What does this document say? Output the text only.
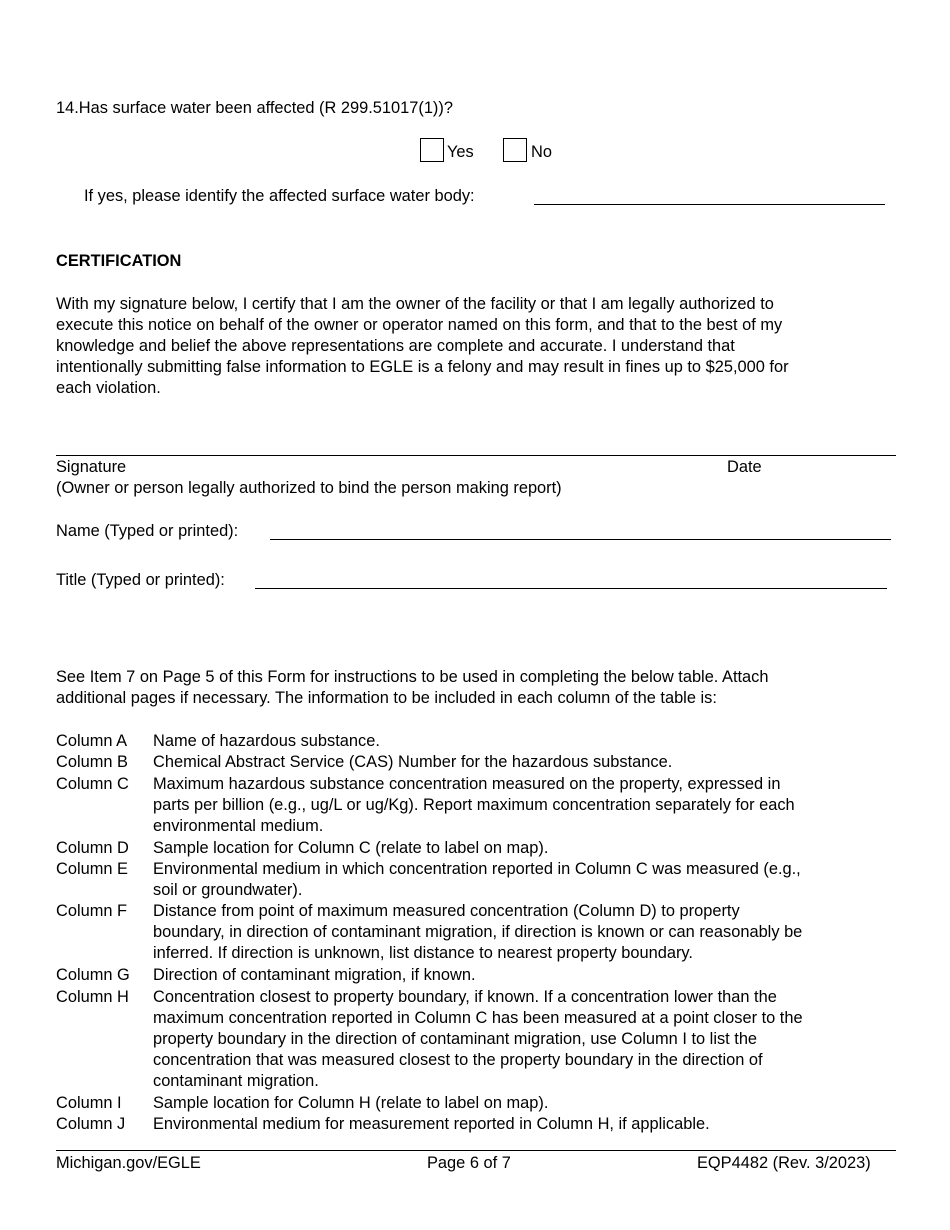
14.Has surface water been affected (R 299.51017(1))?
Yes	No
If yes, please identify the affected surface water body:
CERTIFICATION
With my signature below, I certify that I am the owner of the facility or that I am legally authorized to
execute this notice on behalf of the owner or operator named on this form, and that to the best of my
knowledge and belief the above representations are complete and accurate. I understand that
intentionally submitting false information to EGLE is a felony and may result in fines up to $25,000 for
each violation.
Signature	Date
(Owner or person legally authorized to bind the person making report)
Name (Typed or printed):
Title (Typed or printed):
See Item 7 on Page 5 of this Form for instructions to be used in completing the below table. Attach
additional pages if necessary. The information to be included in each column of the table is:
Column A Name of hazardous substance.
Column B Chemical Abstract Service (CAS) Number for the hazardous substance.
Column C Maximum hazardous substance concentration measured on the property, expressed in
parts per billion (e.g., ug/L or ug/Kg). Report maximum concentration separately for each
environmental medium.
Column D Sample location for Column C (relate to label on map).
Column E Environmental medium in which concentration reported in Column C was measured (e.g.,
soil or groundwater).
Column F Distance from point of maximum measured concentration (Column D) to property
boundary, in direction of contaminant migration, if direction is known or can reasonably be
inferred. If direction is unknown, list distance to nearest property boundary.
Column G Direction of contaminant migration, if known.
Column H Concentration closest to property boundary, if known. If a concentration lower than the
maximum concentration reported in Column C has been measured at a point closer to the
property boundary in the direction of contaminant migration, use Column I to list the
concentration that was measured closest to the property boundary in the direction of
contaminant migration.
Column I Sample location for Column H (relate to label on map).
Column J Environmental medium for measurement reported in Column H, if applicable.
Michigan.gov/EGLE	Page 6 of 7	EQP4482 (Rev. 3/2023)
